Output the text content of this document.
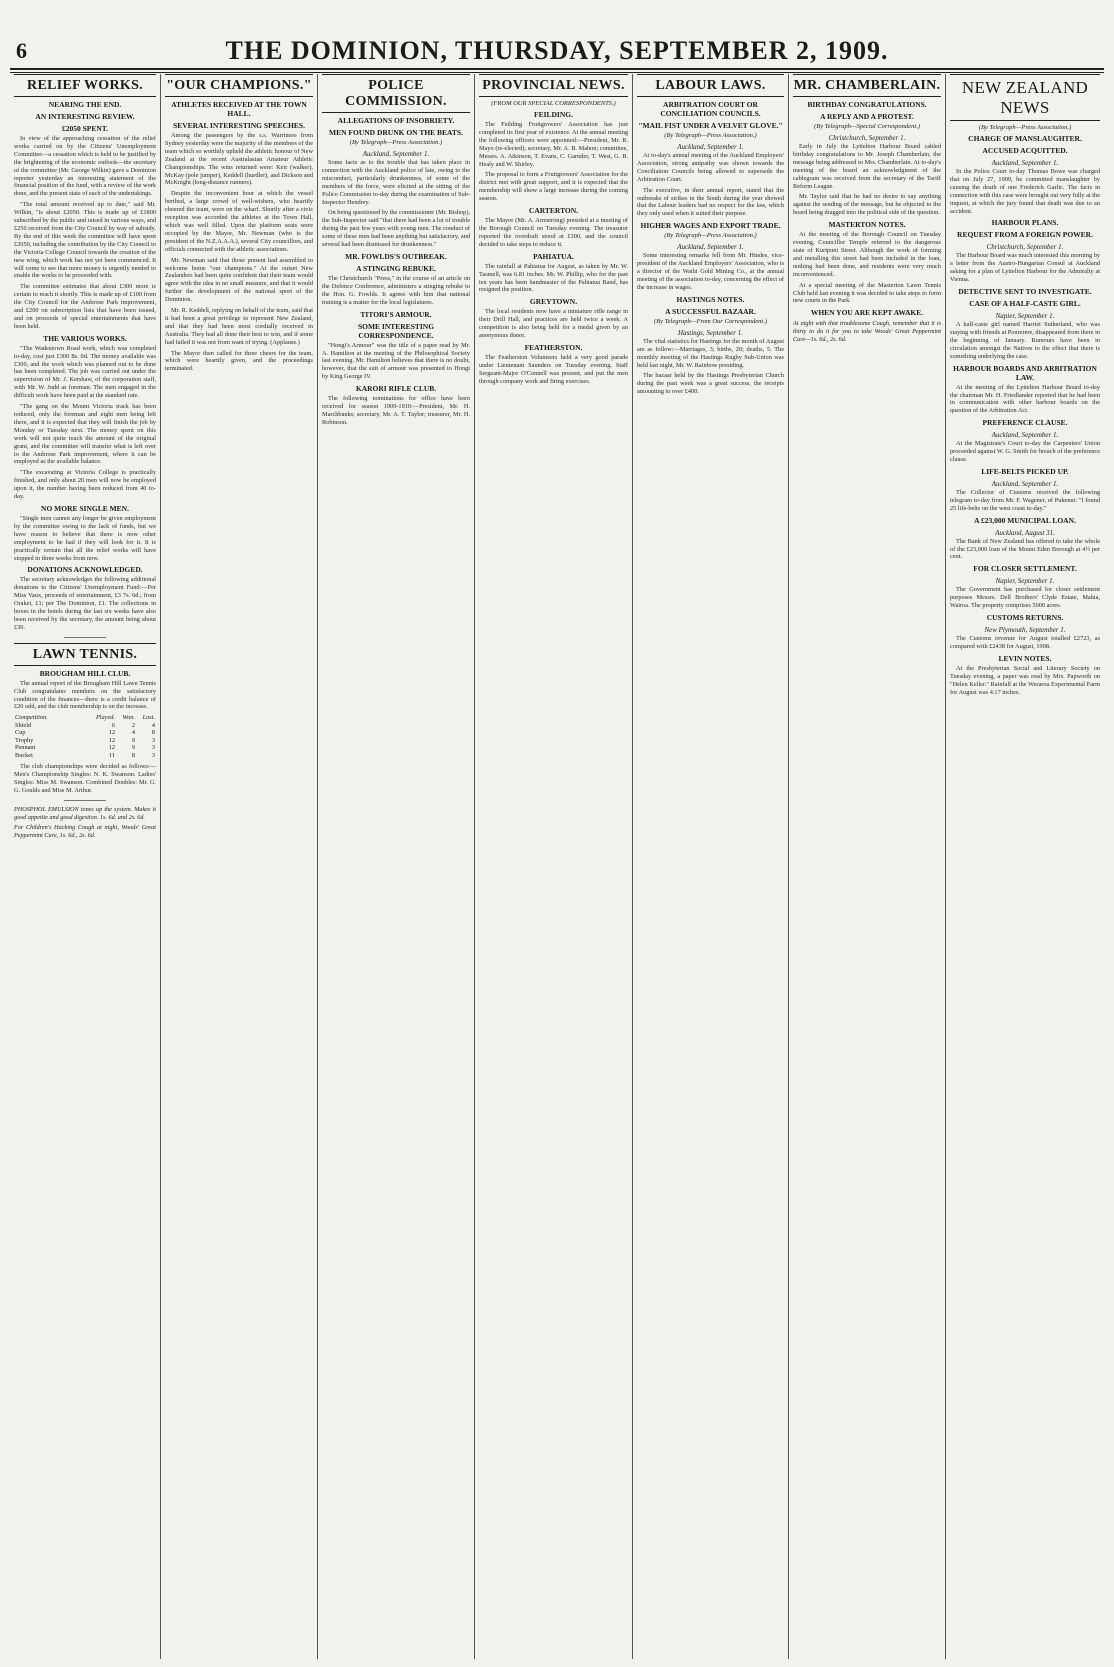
6	THE DOMINION, THURSDAY, SEPTEMBER 2, 1909.
RELIEF WORKS.
NEARING THE END.
AN INTERESTING REVIEW.
£2050 SPENT.
In view of the approaching cessation of the relief works carried on by the Citizens' Unemployment Committee—a cessation which is held to be justified by the brightening of the economic outlook—the secretary of the committee (Mr. George Wilkin) gave a Dominion reporter yesterday an interesting statement of the financial position of the fund, with a review of the work done, and the present state of each of the undertakings.
"The total amount received up to date," said Mr. Wilkin, "is about £2050. This is made up of £1800 subscribed by the public and raised in various ways, and £250 received from the City Council by way of subsidy. By the end of this week the committee will have spent £2050, including the contribution by the City Council to the Victoria College Council towards the creation of the new wing, which work has not yet been commenced. It will come to see that more money is urgently needed to enable the works to be proceeded with.
The committee estimates that about £300 more is certain to reach it shortly. This is made up of £100 from the City Council for the Ambrose Park improvement, and £200 on subscription lists that have been issued, and on proceeds of special entertainments that have been held.
THE VARIOUS WORKS.
"The Wadestown Road work, which was completed to-day, cost just £300 8s. 0d. The money available was £300, and the work which was planned out to be done has been completed. The job was carried out under the supervision of Mr. J. Kershaw, of the corporation staff, with Mr. W. Judd as foreman. The men engaged in the difficult work have been paid at the standard rate.
"The gang on the Mount Victoria track has been reduced, only the foreman and eight men being left there, and it is expected that they will finish the job by Monday or Tuesday next. The money spent on this work will not quite reach the amount of the original grant, and the committee will transfer what is left over to the Ambrose Park improvement, where it can be employed as the available balance.
"The excavating at Victoria College is practically finished, and only about 20 men will now be employed upon it, the number having been reduced from 40 to-day.
NO MORE SINGLE MEN.
"Single men cannot any longer be given employment by the committee owing to the lack of funds, but we have reason to believe that there is now other employment to be had if they will look for it. It is practically certain that all the relief works will have stopped in three weeks from now.
DONATIONS ACKNOWLEDGED.
The secretary acknowledges the following additional donations to the Citizens' Unemployment Fund:—Per Miss Vaux, proceeds of entertainment, £3 7s. 6d.; from Orakei, £1; per The Dominion, £1. The collections in boxes in the hotels during the last six weeks have also been received by the secretary, the amount being about £30.
LAWN TENNIS.
BROUGHAM HILL CLUB.
The annual report of the Brougham Hill Lawn Tennis Club congratulates members on the satisfactory condition of the finances—there is a credit balance of £20 odd, and the club membership is on the increase.
Competition.	Played.	Won.	Lost.
Shield	6	2	4
Cup	12	4	8
Trophy	12	9	3
Pennant	12	9	3
Bucket	11	8	3
The club championships were decided as follows:—Men's Championship Singles: N. K. Swanson. Ladies' Singles: Miss M. Swanson. Combined Doubles: Mr. G. G. Goulds and Miss M. Arthur.
PHOSPHOL EMULSION tones up the system. Makes it good appetite and good digestion. 1s. 6d. and 2s. 6d.
For Children's Hacking Cough at night, Woods' Great Peppermint Cure, 1s. 6d., 2s. 6d.
"OUR CHAMPIONS."
ATHLETES RECEIVED AT THE TOWN HALL.
SEVERAL INTERESTING SPEECHES.
Among the passengers by the s.s. Warrimoo from Sydney yesterday were the majority of the members of the team which so worthily upheld the athletic honour of New Zealand at the recent Australasian Amateur Athletic Championships. The wins returned were: Keir (walker), McKay (pole jumper), Keddell (hurdler), and Dickson and McKnight (long-distance runners).
Despite the inconvenient hour at which the vessel berthed, a large crowd of well-wishers, who heartily cheered the team, were on the wharf. Shortly after a civic reception was accorded the athletes at the Town Hall, which was well filled. Upon the platform seats were occupied by the Mayor, Mr. Newman (who is the president of the N.Z.A.A.A.), several City councillors, and officials connected with the athletic associations.
Mr. Newman said that those present had assembled to welcome home "our champions." At the outset New Zealanders had been quite confident that their team would agree with the idea in no small measure, and that it would further the development of the national sport of the Dominion.
Mr. R. Keddell, replying on behalf of the team, said that it had been a great privilege to represent New Zealand, and that they had been most cordially received in Australia. They had all done their best to win, and if some had failed it was not from want of trying. (Applause.)
The Mayor then called for three cheers for the team, which were heartily given, and the proceedings terminated.
POLICE COMMISSION.
ALLEGATIONS OF INSOBRIETY.
MEN FOUND DRUNK ON THE BEATS.
(By Telegraph—Press Association.)
Auckland, September 1.
Some facts as to the trouble that has taken place in connection with the Auckland police of late, owing to the misconduct, particularly drunkenness, of some of the members of the force, were elicited at the sitting of the Police Commission to-day during the examination of Sub-Inspector Hendrey.
On being questioned by the commissioner (Mr. Bishop), the Sub-Inspector said "that there had been a lot of trouble during the past few years with young men. The conduct of some of these men had been anything but satisfactory, and several had been dismissed for drunkenness."
MR. FOWLDS'S OUTBREAK.
A STINGING REBUKE.
The Christchurch "Press," in the course of an article on the Defence Conference, administers a stinging rebuke to the Hon. G. Fowlds. It agrees with him that national training is a matter for the local legislatures.
TITORI'S ARMOUR.
SOME INTERESTING CORRESPONDENCE.
"Hongi's Armour" was the title of a paper read by Mr. A. Hamilton at the meeting of the Philosophical Society last evening. Mr. Hamilton believes that there is no doubt, however, that the suit of armour was presented to Hongi by King George IV.
KARORI RIFLE CLUB.
The following nominations for office have been received for season 1909-1910:—President, Mr. H. Marchbanks; secretary, Mr. A. T. Taylor; treasurer, Mr. H. Robinson.
PROVINCIAL NEWS.
(FROM OUR SPECIAL CORRESPONDENTS.)
FEILDING.
The Feilding Fruitgrowers' Association has just completed its first year of existence. At the annual meeting the following officers were appointed:—President, Mr. R. Mayo (re-elected); secretary, Mr. A. B. Mahon; committee, Messrs. A. Atkinson, T. Evans, C. Garnder, T. West, G. B. Healy and W. Shirley.
The proposal to form a Fruitgrowers' Association for the district met with great support, and it is expected that the membership will show a large increase during the coming season.
CARTERTON.
The Mayor (Mr. A. Armstrong) presided at a meeting of the Borough Council on Tuesday evening. The treasurer reported the overdraft stood at £300, and the council decided to take steps to reduce it.
PAHIATUA.
The rainfall at Pahiatua for August, as taken by Mr. W. Tasmell, was 6.81 inches. Mr. W. Phillip, who for the past ten years has been bandmaster of the Pahiatua Band, has resigned the position.
GREYTOWN.
The local residents now have a miniature rifle range in their Drill Hall, and practices are held twice a week. A competition is also being held for a medal given by an anonymous donor.
FEATHERSTON.
The Featherston Volunteers held a very good parade under Lieutenant Saunders on Tuesday evening. Staff Sergeant-Major O'Connell was present, and put the men through company work and firing exercises.
LABOUR LAWS.
ARBITRATION COURT OR CONCILIATION COUNCILS.
"MAIL FIST UNDER A VELVET GLOVE."
(By Telegraph—Press Association.)
Auckland, September 1.
At to-day's annual meeting of the Auckland Employers' Association, strong antipathy was shown towards the Conciliation Councils being allowed to supersede the Arbitration Court.
The executive, in their annual report, stated that the outbreaks of strikes in the South during the year showed that the Labour leaders had no respect for the law, which they only used when it suited their purpose.
HIGHER WAGES AND EXPORT TRADE.
(By Telegraph—Press Association.)
Auckland, September 1.
Some interesting remarks fell from Mr. Hindes, vice-president of the Auckland Employers' Association, who is a director of the Waihi Gold Mining Co., at the annual meeting of the association to-day, concerning the effect of the increase in wages.
HASTINGS NOTES.
A SUCCESSFUL BAZAAR.
(By Telegraph—From Our Correspondent.)
Hastings, September 1.
The vital statistics for Hastings for the month of August are as follow:—Marriages, 3; births, 20; deaths, 5. The monthly meeting of the Hastings Rugby Sub-Union was held last night, Mr. W. Rainbow presiding.
The bazaar held by the Hastings Presbyterian Church during the past week was a great success, the receipts amounting to over £400.
MR. CHAMBERLAIN.
BIRTHDAY CONGRATULATIONS.
A REPLY AND A PROTEST.
(By Telegraph—Special Correspondent.)
Christchurch, September 1.
Early in July the Lyttelton Harbour Board cabled birthday congratulations to Mr. Joseph Chamberlain, the message being addressed to Mrs. Chamberlain. At to-day's meeting of the board an acknowledgment of the cablegram was received from the secretary of the Tariff Reform League.
Mr. Taylor said that he had no desire to say anything against the sending of the message, but he objected to the board being dragged into the political side of the question.
MASTERTON NOTES.
At the meeting of the Borough Council on Tuesday evening, Councillor Temple referred to the dangerous state of Kuripuni Street. Although the work of forming and metalling this street had been included in the loan, nothing had been done, and residents were very much inconvenienced.
At a special meeting of the Masterton Lawn Tennis Club held last evening it was decided to take steps to form new courts in the Park.
WHEN YOU ARE KEPT AWAKE.
At night with that troublesome Cough, remember that it is thirty to do it for you to take Woods' Great Peppermint Cure—1s. 6d., 2s. 6d.
NEW ZEALAND NEWS
(By Telegraph—Press Association.)
CHARGE OF MANSLAUGHTER.
ACCUSED ACQUITTED.
Auckland, September 1.
In the Police Court to-day Thomas Bowe was charged that on July 27, 1909, he committed manslaughter by causing the death of one Frederick Garlic. The facts in connection with this case were brought out very fully at the inquest, at which the jury found that death was due to an accident.
HARBOUR PLANS.
REQUEST FROM A FOREIGN POWER.
Christchurch, September 1.
The Harbour Board was much interested this morning by a letter from the Austro-Hungarian Consul at Auckland asking for a plan of Lyttelton Harbour for the Admiralty at Vienna.
DETECTIVE SENT TO INVESTIGATE.
CASE OF A HALF-CASTE GIRL.
Napier, September 1.
A half-caste girl named Harriet Sutherland, who was staying with friends at Pourerere, disappeared from there in the beginning of January. Rumours have been in circulation amongst the Natives to the effect that there is something underlying the case.
HARBOUR BOARDS AND ARBITRATION LAW.
At the meeting of the Lyttelton Harbour Board to-day the chairman Mr. H. Friedlander reported that he had been in communication with other harbour boards on the question of the Arbitration Act.
PREFERENCE CLAUSE.
Auckland, September 1.
At the Magistrate's Court to-day the Carpenters' Union proceeded against W. G. Smith for breach of the preference clause.
LIFE-BELTS PICKED UP.
Auckland, September 1.
The Collector of Customs received the following telegram to-day from Mr. F. Wagener, of Pukenui: "I found 25 life-belts on the west coast to-day."
A £23,000 MUNICIPAL LOAN.
Auckland, August 31.
The Bank of New Zealand has offered to take the whole of the £23,000 loan of the Mount Eden Borough at 4½ per cent.
FOR CLOSER SETTLEMENT.
Napier, September 1.
The Government has purchased for closer settlement purposes Messrs. Dell Brothers' Clyde Estate, Mahia, Wairoa. The property comprises 5000 acres.
CUSTOMS RETURNS.
New Plymouth, September 1.
The Customs revenue for August totalled £2723, as compared with £2438 for August, 1908.
LEVIN NOTES.
At the Presbyterian Social and Literary Society on Tuesday evening, a paper was read by Mrs. Papworth on "Helen Keller." Rainfall at the Weraroa Experimental Farm for August was 4.17 inches.
